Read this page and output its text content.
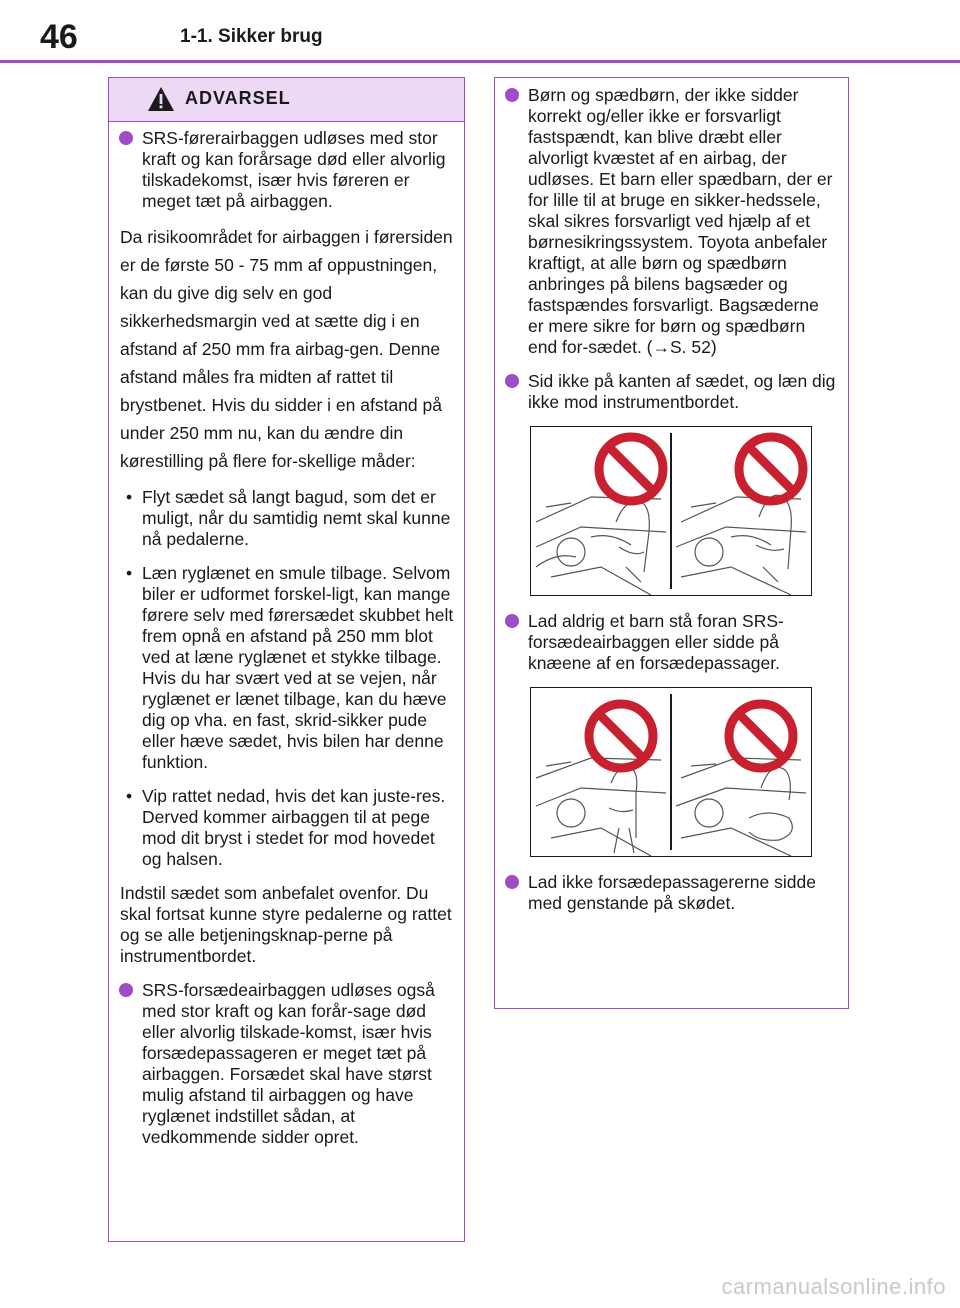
46	1-1. Sikker brug
ADVARSEL
SRS-førerairbaggen udløses med stor kraft og kan forårsage død eller alvorlig tilskadekomst, især hvis føreren er meget tæt på airbaggen.
Da risikoområdet for airbaggen i førersiden er de første 50 - 75 mm af oppustningen, kan du give dig selv en god sikkerhedsmargin ved at sætte dig i en afstand af 250 mm fra airbag-gen. Denne afstand måles fra midten af rattet til brystbenet. Hvis du sidder i en afstand på under 250 mm nu, kan du ændre din kørestilling på flere for-skellige måder:
• Flyt sædet så langt bagud, som det er muligt, når du samtidig nemt skal kunne nå pedalerne.
• Læn ryglænet en smule tilbage. Selvom biler er udformet forskel-ligt, kan mange førere selv med førersædet skubbet helt frem opnå en afstand på 250 mm blot ved at læne ryglænet et stykke tilbage. Hvis du har svært ved at se vejen, når ryglænet er lænet tilbage, kan du hæve dig op vha. en fast, skrid-sikker pude eller hæve sædet, hvis bilen har denne funktion.
• Vip rattet nedad, hvis det kan juste-res. Derved kommer airbaggen til at pege mod dit bryst i stedet for mod hovedet og halsen.
Indstil sædet som anbefalet ovenfor. Du skal fortsat kunne styre pedalerne og rattet og se alle betjeningsknap-perne på instrumentbordet.
SRS-forsædeairbaggen udløses også med stor kraft og kan forår-sage død eller alvorlig tilskade-komst, især hvis forsædepassageren er meget tæt på airbaggen. Forsædet skal have størst mulig afstand til airbaggen og have ryglænet indstillet sådan, at vedkommende sidder opret.
Børn og spædbørn, der ikke sidder korrekt og/eller ikke er forsvarligt fastspændt, kan blive dræbt eller alvorligt kvæstet af en airbag, der udløses. Et barn eller spædbarn, der er for lille til at bruge en sikker-hedssele, skal sikres forsvarligt ved hjælp af et børnesikringssystem. Toyota anbefaler kraftigt, at alle børn og spædbørn anbringes på bilens bagsæder og fastspændes forsvarligt. Bagsæderne er mere sikre for børn og spædbørn end for-sædet. (→S. 52)
Sid ikke på kanten af sædet, og læn dig ikke mod instrumentbordet.
Lad aldrig et barn stå foran SRS-forsædeairbaggen eller sidde på knæene af en forsædepassager.
Lad ikke forsædepassagererne sidde med genstande på skødet.
carmanualsonline.info
